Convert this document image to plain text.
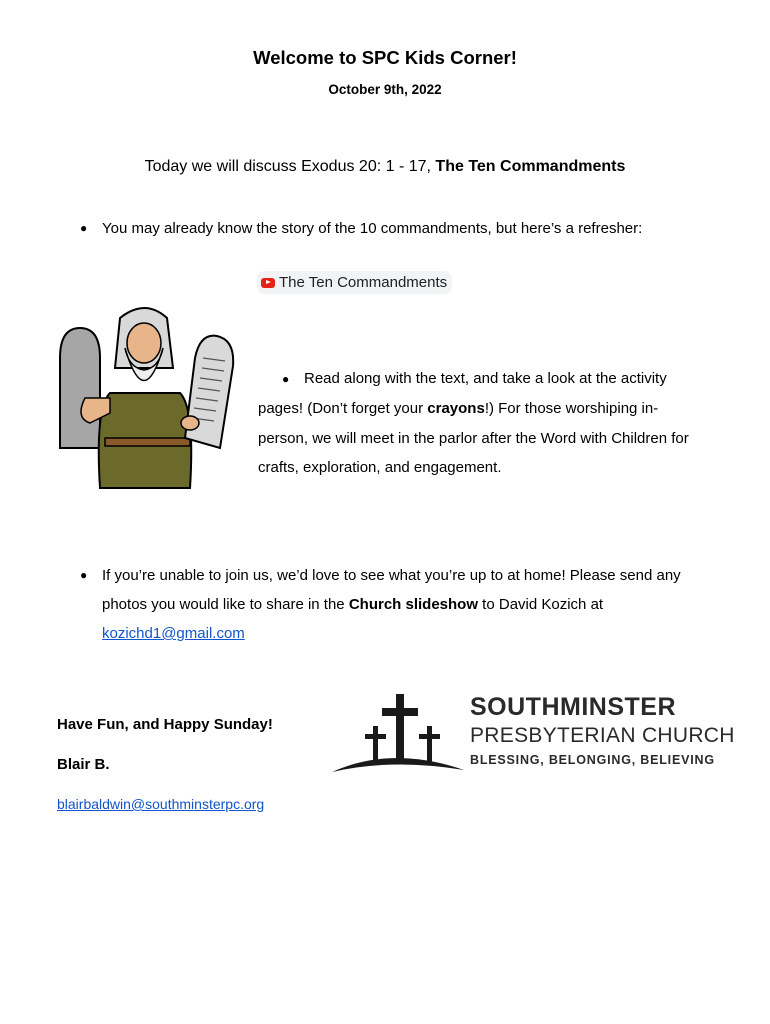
Welcome to SPC Kids Corner!
October 9th, 2022
Today we will discuss Exodus 20: 1 - 17, The Ten Commandments
● You may already know the story of the 10 commandments, but here’s a refresher:
The Ten Commandments
● Read along with the text, and take a look at the activity pages! (Don’t forget your crayons!) For those worshiping in-person, we will meet in the parlor after the Word with Children for crafts, exploration, and engagement.
● If you’re unable to join us, we’d love to see what you’re up to at home! Please send any photos you would like to share in the Church slideshow to David Kozich at
kozichd1@gmail.com
Have Fun, and Happy Sunday!
Blair B.
blairbaldwin@southminsterpc.org
SOUTHMINSTER
PRESBYTERIAN CHURCH
BLESSING, BELONGING, BELIEVING
